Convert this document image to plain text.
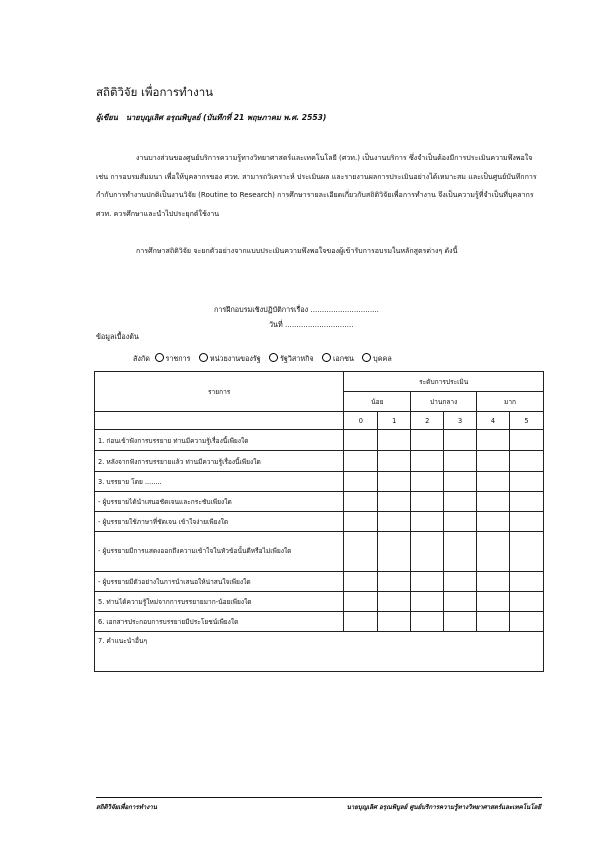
สถิติวิจัย เพื่อการทำงาน
ผู้เขียน นายบุญเลิศ อรุณพิบูลย์ (บันทึกที่ 21 พฤษภาคม พ.ศ. 2553)
งานบางส่วนของศูนย์บริการความรู้ทางวิทยาศาสตร์และเทคโนโลยี (ศวท.) เป็นงานบริการ ซึ่งจำเป็นต้องมีการประเมินความพึงพอใจ เช่น การอบรมสัมมนา เพื่อให้บุคลากรของ ศวท. สามารถวิเคราะห์ ประเมินผล และรายงานผลการประเมินอย่างได้เหมาะสม และเป็นศูนย์บันทึกการกำกับการทำงานปกติเป็นงานวิจัย (Routine to Research) การศึกษารายละเอียดเกี่ยวกับสถิติวิจัยเพื่อการทำงาน จึงเป็นความรู้ที่จำเป็นที่บุคลากร ศวท. ควรศึกษาและนำไปประยุกต์ใช้งาน
การศึกษาสถิติวิจัย จะยกตัวอย่างจากแบบประเมินความพึงพอใจของผู้เข้ารับการอบรมในหลักสูตรต่างๆ ดังนี้
การฝึกอบรมเชิงปฏิบัติการเรื่อง ..............................
วันที่ ..............................
ข้อมูลเบื้องต้น
สังกัด ราชการ	หน่วยงานของรัฐ	รัฐวิสาหกิจ	เอกชน	บุคคล
รายการ	ระดับการประเมิน					
	น้อย		ปานกลาง		มาก	
	0	1	2	3	4	5
1. ก่อนเข้าฟังการบรรยาย ท่านมีความรู้เรื่องนี้เพียงใด						
2. หลังจากฟังการบรรยายแล้ว ท่านมีความรู้เรื่องนี้เพียงใด						
3. บรรยาย โดย ........						
- ผู้บรรยายได้นำเสนอชัดเจนและกระชับเพียงใด						
- ผู้บรรยายใช้ภาษาที่ชัดเจน เข้าใจง่ายเพียงใด						
- ผู้บรรยายมีการแสดงออกถึงความเข้าใจในหัวข้อนั้นดีหรือไม่เพียงใด						
- ผู้บรรยายมีตัวอย่างในการนำเสนอให้น่าสนใจเพียงใด						
5. ท่านได้ความรู้ใหม่จากการบรรยายมาก-น้อยเพียงใด						
6. เอกสารประกอบการบรรยายมีประโยชน์เพียงใด						
7. คำแนะนำอื่นๆ						
สถิติวิจัยเพื่อการทำงาน	นายบุญเลิศ อรุณพิบูลย์ ศูนย์บริการความรู้ทางวิทยาศาสตร์และเทคโนโลยี
